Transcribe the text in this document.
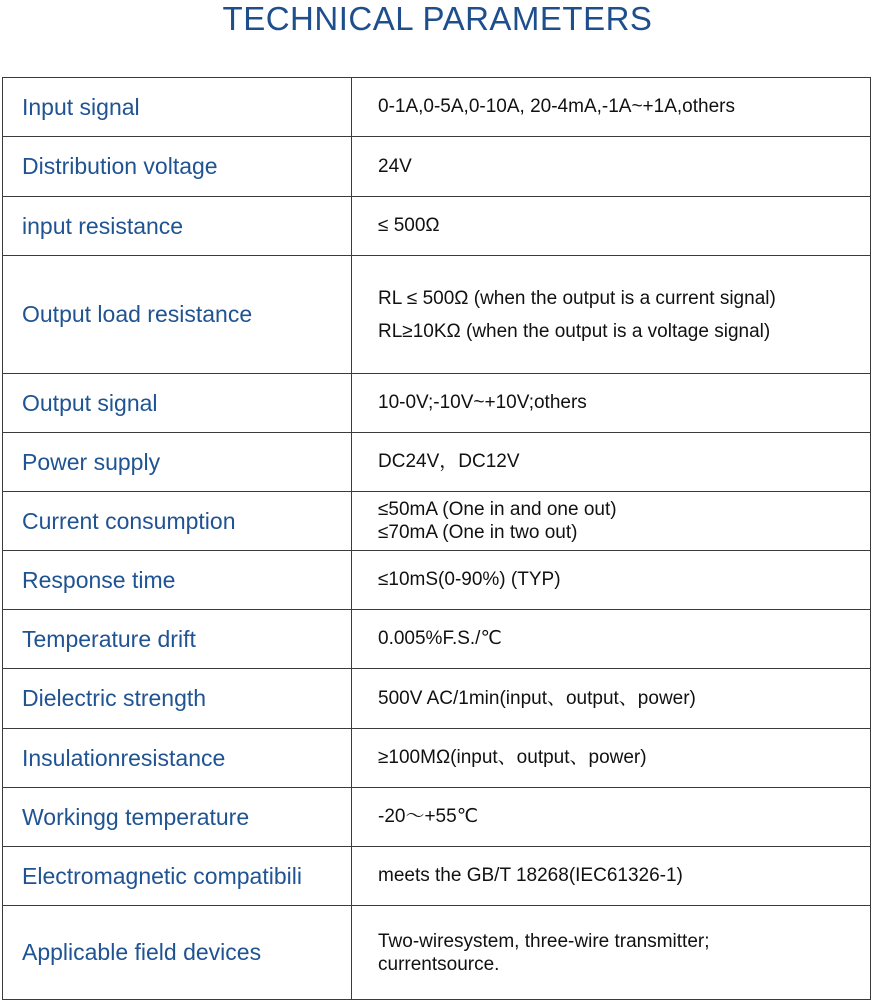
TECHNICAL PARAMETERS
Input signal	0-1A,0-5A,0-10A, 20-4mA,-1A~+1A,others

Distribution voltage	24V

input resistance	≤ 500Ω

Output load resistance	RL ≤ 500Ω (when the output is a current signal)
RL≥10KΩ (when the output is a voltage signal)

Output signal	10-0V;-10V~+10V;others

Power supply	DC24V，DC12V

Current consumption	≤50mA (One in and one out)
≤70mA (One in two out)

Response time	≤10mS(0-90%) (TYP)

Temperature drift	0.005%F.S./℃

Dielectric strength	500V AC/1min(input、output、power)

Insulationresistance	≥100MΩ(input、output、power)

Workingg temperature	-20～+55℃

Electromagnetic compatibili	meets the GB/T 18268(IEC61326-1)

Applicable field devices	Two-wiresystem, three-wire transmitter;
currentsource.
